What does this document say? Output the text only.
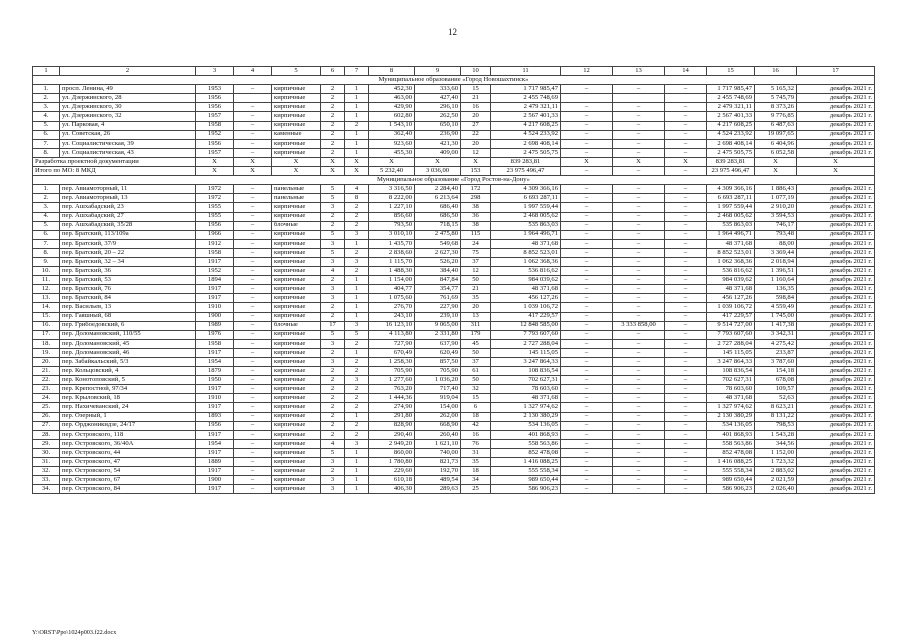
12
1	2	3	4	5	6	7	8	9	10	11	12	13	14	15	16	17
Муниципальное образование «Город Новошахтинск»																
1.	просп. Ленина, 49	1953	–	кирпичные	2	1	452,30	333,60	15	1 717 985,47	–	–	–	1 717 985,47	5 165,32	декабрь 2021 г.
2.	ул. Дзержинского, 28	1956		кирпичные	2	1	463,00	427,40	21	2 455 748,69				2 455 748,69	5 745,79	декабрь 2021 г.
3.	ул. Дзержинского, 30	1956	–	кирпичные	2	1	429,90	296,10	16	2 479 321,11	–	–	–	2 479 321,11	8 373,26	декабрь 2021 г.
4.	ул. Дзержинского, 32	1957	–	кирпичные	2	1	602,80	262,50	20	2 567 401,33	–	–	–	2 567 401,33	9 776,85	декабрь 2021 г.
5.	ул. Парковая, 4	1958	–	кирпичные	2	2	1 543,10	650,10	27	4 217 608,25	–	–	–	4 217 608,25	6 487,63	декабрь 2021 г.
6.	ул. Советская, 26	1952	–	каменные	2	1	362,40	236,90	22	4 524 233,92	–	–	–	4 524 233,92	19 097,65	декабрь 2021 г.
7.	ул. Социалистическая, 39	1956	–	кирпичные	2	1	923,60	421,30	20	2 698 408,14	–	–	–	2 698 408,14	6 404,96	декабрь 2021 г.
8.	ул. Социалистическая, 43	1957	–	кирпичные	2	1	455,30	409,00	12	2 475 505,75	–	–	–	2 475 505,75	6 052,58	декабрь 2021 г.
Разработка проектной документации		X	X	X	X	X	X	X	X	839 283,81	X	X	X	839 283,81	X	X
Итого по МО: 8 МКД		X	X	X	X	X	5 232,40	3 036,00	153	23 975 496,47	–	–	–	23 975 496,47	X	X
Муниципальное образование «Город Ростов-на-Дону»																
1.	пер. Авиамоторный, 11	1972	–	панельные	5	4	3 316,50	2 284,40	172	4 309 366,16	–	–	–	4 309 366,16	1 886,43	декабрь 2021 г.
2.	пер. Авиамоторный, 13	1972	–	панельные	5	8	8 222,00	6 213,64	298	6 693 287,11	–	–	–	6 693 287,11	1 077,19	декабрь 2021 г.
3.	пер. Ашхабадский, 23	1955	–	кирпичные	3	2	1 227,10	686,40	38	1 997 559,44	–	–	–	1 997 559,44	2 910,20	декабрь 2021 г.
4.	пер. Ашхабадский, 27	1955	–	кирпичные	2	2	856,60	686,50	36	2 468 005,62	–	–	–	2 468 005,62	3 594,53	декабрь 2021 г.
5.	пер. Ашхабадский, 35/28	1956	–	блочные	2	2	793,50	718,15	38	535 863,03	–	–	–	535 863,03	746,17	декабрь 2021 г.
6.	пер. Братский, 113/109а	1966	–	кирпичные	5	3	3 010,10	2 475,80	115	1 964 496,71	–	–	–	1 964 496,71	793,48	декабрь 2021 г.
7.	пер. Братский, 37/9	1912	–	кирпичные	3	1	1 435,70	549,68	24	48 371,68	–	–	–	48 371,68	88,00	декабрь 2021 г.
8.	пер. Братский, 20 – 22	1958	–	кирпичные	5	2	2 838,60	2 627,30	75	8 852 523,01	–	–	–	8 852 523,01	3 369,44	декабрь 2021 г.
9.	пер. Братский, 32 – 34	1917	–	кирпичные	3	3	1 115,70	526,20	37	1 062 368,36	–	–	–	1 062 368,36	2 018,94	декабрь 2021 г.
10.	пер. Братский, 36	1952	–	кирпичные	4	2	1 488,30	384,40	12	536 816,62	–	–	–	536 816,62	1 396,51	декабрь 2021 г.
11.	пер. Братский, 53	1894	–	кирпичные	2	1	1 154,00	847,84	50	984 039,62	–	–	–	984 039,62	1 160,64	декабрь 2021 г.
12.	пер. Братский, 76	1917	–	кирпичные	3	1	404,77	354,77	21	48 371,68	–	–	–	48 371,68	136,35	декабрь 2021 г.
13.	пер. Братский, 84	1917	–	кирпичные	3	1	1 075,60	761,69	35	456 127,26	–	–	–	456 127,26	598,84	декабрь 2021 г.
14.	пер. Васильев, 13	1910	–	кирпичные	2	1	276,70	227,90	20	1 039 106,72	–	–	–	1 039 106,72	4 559,49	декабрь 2021 г.
15.	пер. Гаяшный, 68	1900	–	кирпичные	2	1	243,10	239,10	13	417 229,57	–	–	–	417 229,57	1 745,00	декабрь 2021 г.
16.	пер. Грибоедовский, 6	1989	–	блочные	17	3	16 123,10	9 065,00	311	12 848 585,00	–	3 333 858,00	–	9 514 727,00	1 417,38	декабрь 2021 г.
17.	пер. Доломановский, 110/55	1976	–	кирпичные	5	5	4 113,80	2 331,80	179	7 793 607,60	–	–	–	7 793 607,60	3 342,31	декабрь 2021 г.
18.	пер. Доломановский, 45	1958	–	кирпичные	3	2	727,90	637,90	45	2 727 288,04	–	–	–	2 727 288,04	4 275,42	декабрь 2021 г.
19.	пер. Доломановский, 46	1917	–	кирпичные	2	1	670,49	620,49	50	145 115,05	–	–	–	145 115,05	233,87	декабрь 2021 г.
20.	пер. Забайкальский, 5/3	1954	–	кирпичные	3	2	1 258,30	857,50	37	3 247 864,33	–	–	–	3 247 864,33	3 787,60	декабрь 2021 г.
21.	пер. Кольцовский, 4	1879	–	кирпичные	2	2	705,90	705,90	61	108 836,54	–	–	–	108 836,54	154,18	декабрь 2021 г.
22.	пер. Конотоповский, 5	1950	–	кирпичные	2	3	1 277,60	1 036,20	50	702 627,31	–	–	–	702 627,31	678,08	декабрь 2021 г.
23.	пер. Крепостной, 97/34	1917	–	кирпичные	2	2	763,20	717,40	32	78 603,60	–	–	–	78 603,60	109,57	декабрь 2021 г.
24.	пер. Крыловский, 18	1910	–	кирпичные	2	2	1 444,36	919,04	15	48 371,68	–	–	–	48 371,68	52,63	декабрь 2021 г.
25.	пер. Нахичеванский, 24	1917	–	кирпичные	2	2	274,90	154,00	6	1 327 974,62	–	–	–	1 327 974,62	8 623,21	декабрь 2021 г.
26.	пер. Озерный, 1	1893	–	кирпичные	2	1	291,80	262,00	18	2 130 380,29	–	–	–	2 130 380,29	8 131,22	декабрь 2021 г.
27.	пер. Орджоникидзе, 24/17	1956	–	кирпичные	2	2	828,90	668,90	42	534 136,05	–	–	–	534 136,05	798,53	декабрь 2021 г.
28.	пер. Островского, 118	1917	–	кирпичные	2	2	290,40	260,40	16	401 868,93	–	–	–	401 868,93	1 543,28	декабрь 2021 г.
29.	пер. Островского, 36/40А	1954	–	кирпичные	4	3	2 949,20	1 621,10	76	558 563,86	–	–	–	558 563,86	344,56	декабрь 2021 г.
30.	пер. Островского, 44	1917	–	кирпичные	5	1	860,00	740,00	31	852 478,08	–	–	–	852 478,08	1 152,00	декабрь 2021 г.
31.	пер. Островского, 47	1889	–	кирпичные	3	1	1 780,80	821,73	35	1 416 088,25	–	–	–	1 416 088,25	1 723,32	декабрь 2021 г.
32.	пер. Островского, 54	1917	–	кирпичные	2	1	229,60	192,70	18	555 558,34	–	–	–	555 558,34	2 883,02	декабрь 2021 г.
33.	пер. Островского, 67	1900	–	кирпичные	3	1	610,18	489,54	34	989 650,44	–	–	–	989 650,44	2 021,59	декабрь 2021 г.
34.	пер. Островского, 84	1917	–	кирпичные	3	1	406,30	289,63	25	586 906,23	–	–	–	586 906,23	2 026,40	декабрь 2021 г.
Y:\ORST\Ppo\1024p003.f22.docx
